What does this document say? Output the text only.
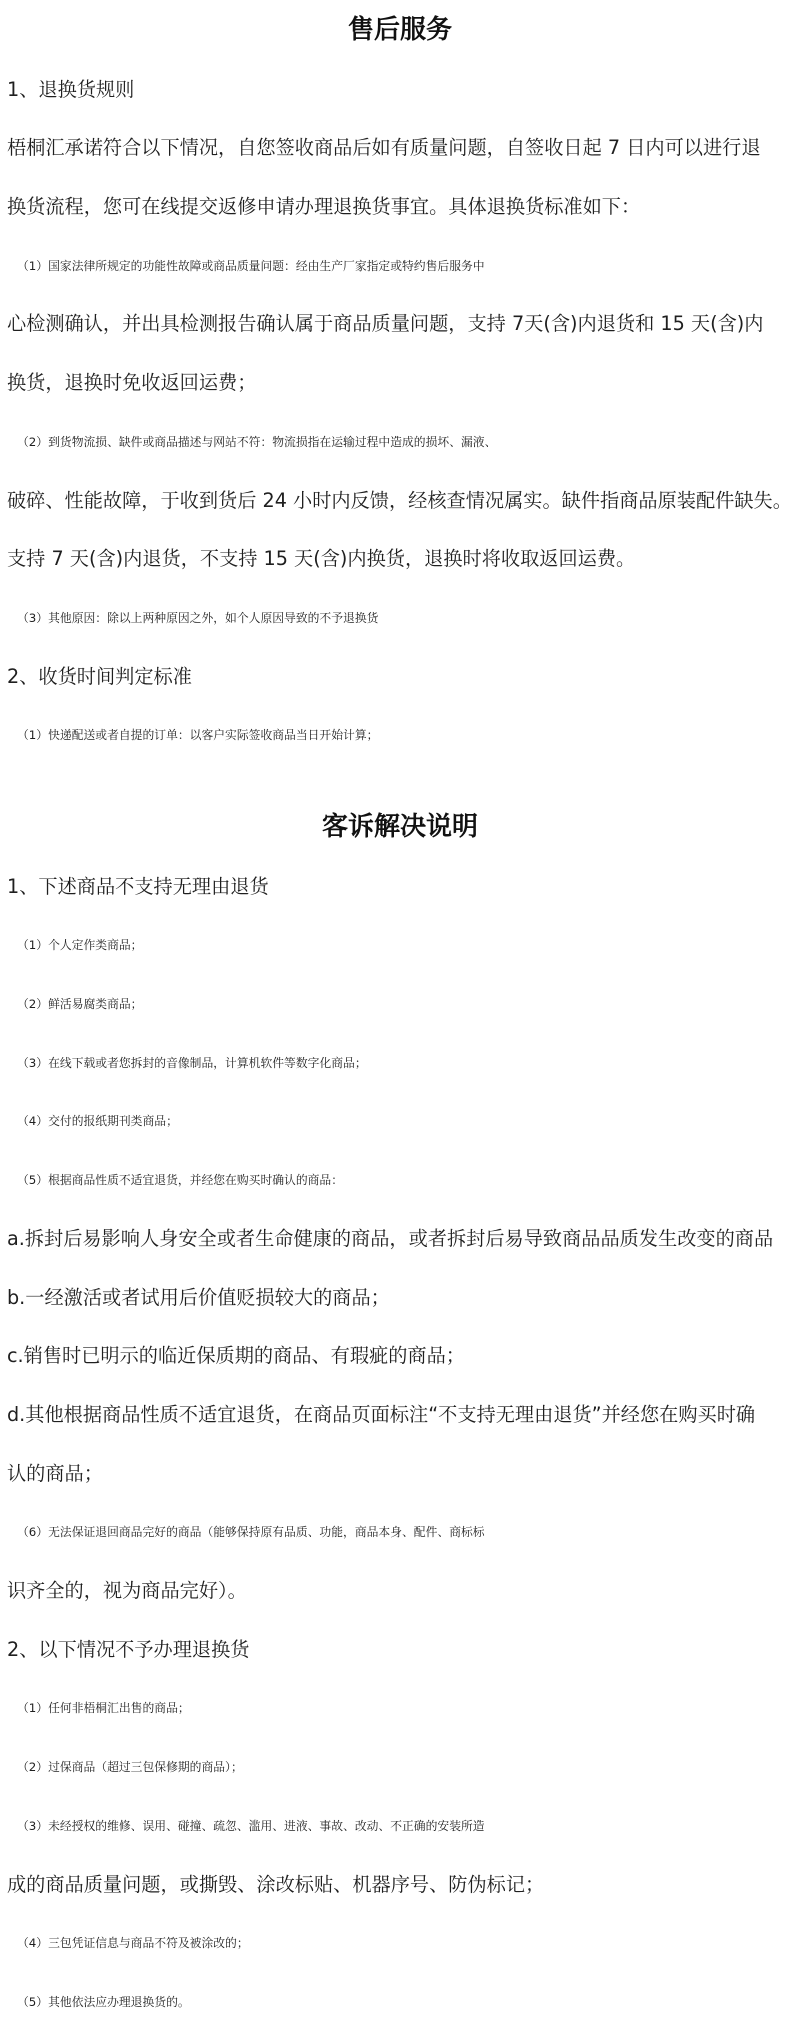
售后服务
1、退换货规则
梧桐汇承诺符合以下情况，自您签收商品后如有质量问题，自签收日起 7 日内可以进行退
换货流程，您可在线提交返修申请办理退换货事宜。具体退换货标准如下：
（1）国家法律所规定的功能性故障或商品质量问题：经由生产厂家指定或特约售后服务中
心检测确认，并出具检测报告确认属于商品质量问题，支持 7天(含)内退货和 15 天(含)内
换货，退换时免收返回运费；
（2）到货物流损、缺件或商品描述与网站不符：物流损指在运输过程中造成的损坏、漏液、
破碎、性能故障，于收到货后 24 小时内反馈，经核查情况属实。缺件指商品原装配件缺失。
支持 7 天(含)内退货，不支持 15 天(含)内换货，退换时将收取返回运费。
（3）其他原因：除以上两种原因之外，如个人原因导致的不予退换货
2、收货时间判定标准
（1）快递配送或者自提的订单：以客户实际签收商品当日开始计算；
客诉解决说明
1、下述商品不支持无理由退货
（1）个人定作类商品；
（2）鲜活易腐类商品；
（3）在线下载或者您拆封的音像制品，计算机软件等数字化商品；
（4）交付的报纸期刊类商品；
（5）根据商品性质不适宜退货，并经您在购买时确认的商品：
a.拆封后易影响人身安全或者生命健康的商品，或者拆封后易导致商品品质发生改变的商品
b.一经激活或者试用后价值贬损较大的商品；
c.销售时已明示的临近保质期的商品、有瑕疵的商品；
d.其他根据商品性质不适宜退货，在商品页面标注“不支持无理由退货”并经您在购买时确
认的商品；
（6）无法保证退回商品完好的商品（能够保持原有品质、功能，商品本身、配件、商标标
识齐全的，视为商品完好）。
2、以下情况不予办理退换货
（1）任何非梧桐汇出售的商品；
（2）过保商品（超过三包保修期的商品）；
（3）未经授权的维修、误用、碰撞、疏忽、滥用、进液、事故、改动、不正确的安装所造
成的商品质量问题，或撕毁、涂改标贴、机器序号、防伪标记；
（4）三包凭证信息与商品不符及被涂改的；
（5）其他依法应办理退换货的。
